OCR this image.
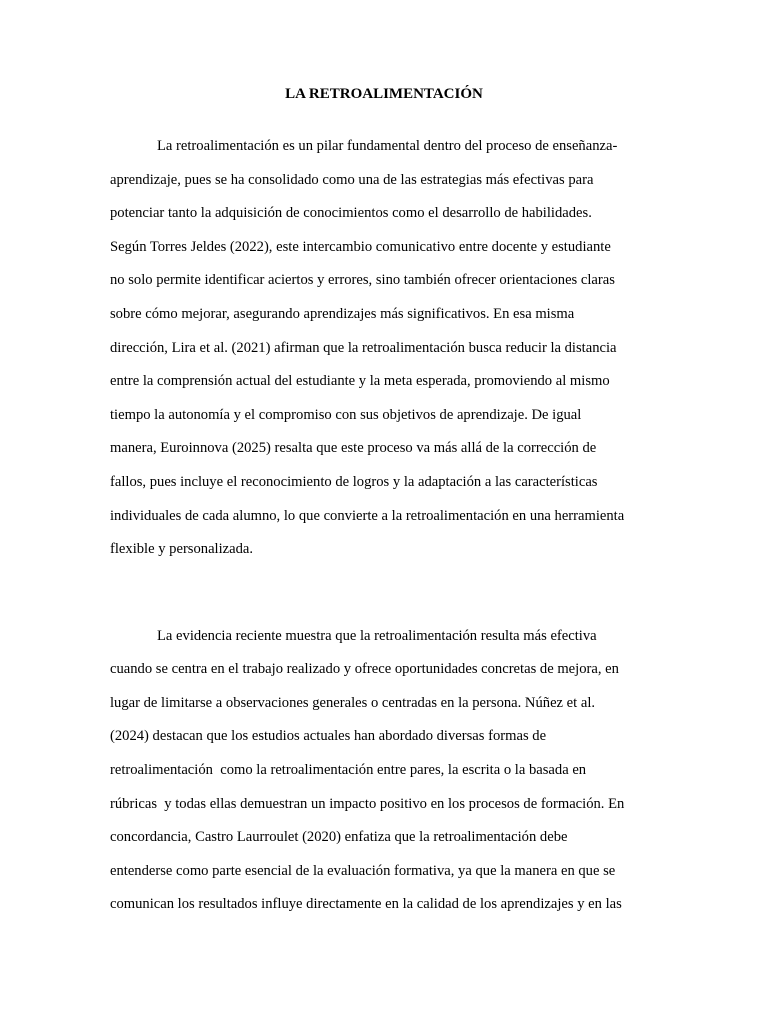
LA RETROALIMENTACIÓN

La retroalimentación es un pilar fundamental dentro del proceso de enseñanza-

aprendizaje, pues se ha consolidado como una de las estrategias más efectivas para

potenciar tanto la adquisición de conocimientos como el desarrollo de habilidades.

Según Torres Jeldes (2022), este intercambio comunicativo entre docente y estudiante

no solo permite identificar aciertos y errores, sino también ofrecer orientaciones claras

sobre cómo mejorar, asegurando aprendizajes más significativos. En esa misma

dirección, Lira et al. (2021) afirman que la retroalimentación busca reducir la distancia

entre la comprensión actual del estudiante y la meta esperada, promoviendo al mismo

tiempo la autonomía y el compromiso con sus objetivos de aprendizaje. De igual

manera, Euroinnova (2025) resalta que este proceso va más allá de la corrección de

fallos, pues incluye el reconocimiento de logros y la adaptación a las características

individuales de cada alumno, lo que convierte a la retroalimentación en una herramienta

flexible y personalizada.

La evidencia reciente muestra que la retroalimentación resulta más efectiva

cuando se centra en el trabajo realizado y ofrece oportunidades concretas de mejora, en

lugar de limitarse a observaciones generales o centradas en la persona. Núñez et al.

(2024) destacan que los estudios actuales han abordado diversas formas de

retroalimentación  como la retroalimentación entre pares, la escrita o la basada en

rúbricas  y todas ellas demuestran un impacto positivo en los procesos de formación. En

concordancia, Castro Laurroulet (2020) enfatiza que la retroalimentación debe

entenderse como parte esencial de la evaluación formativa, ya que la manera en que se

comunican los resultados influye directamente en la calidad de los aprendizajes y en las
